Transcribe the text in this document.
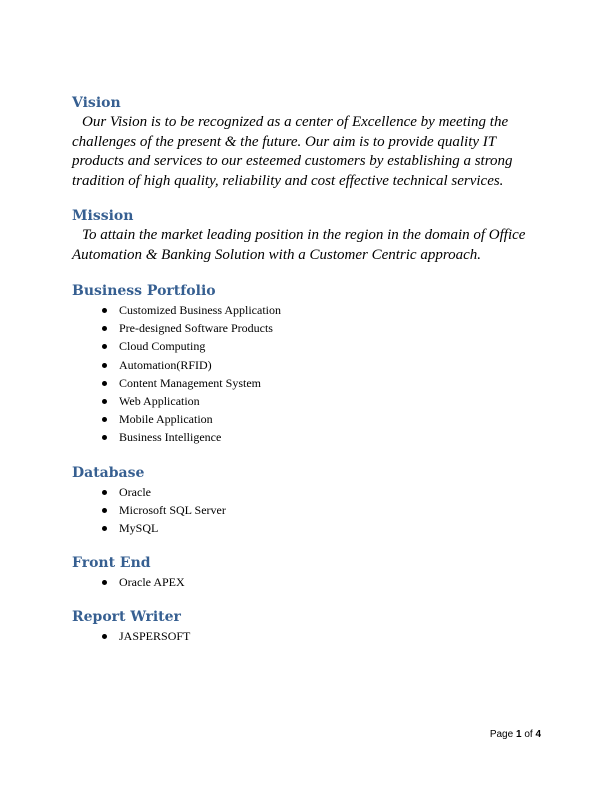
Vision

Our Vision is to be recognized as a center of Excellence by meeting the challenges of the present & the future. Our aim is to provide quality IT products and services to our esteemed customers by establishing a strong tradition of high quality, reliability and cost effective technical services.

Mission

To attain the market leading position in the region in the domain of Office Automation & Banking Solution with a Customer Centric approach.

Business Portfolio
Customized Business Application
Pre-designed Software Products
Cloud Computing
Automation(RFID)
Content Management System
Web Application
Mobile Application
Business Intelligence
Database
Oracle
Microsoft SQL Server
MySQL
Front End
Oracle APEX
Report Writer
JASPERSOFT
Page 1 of 4
